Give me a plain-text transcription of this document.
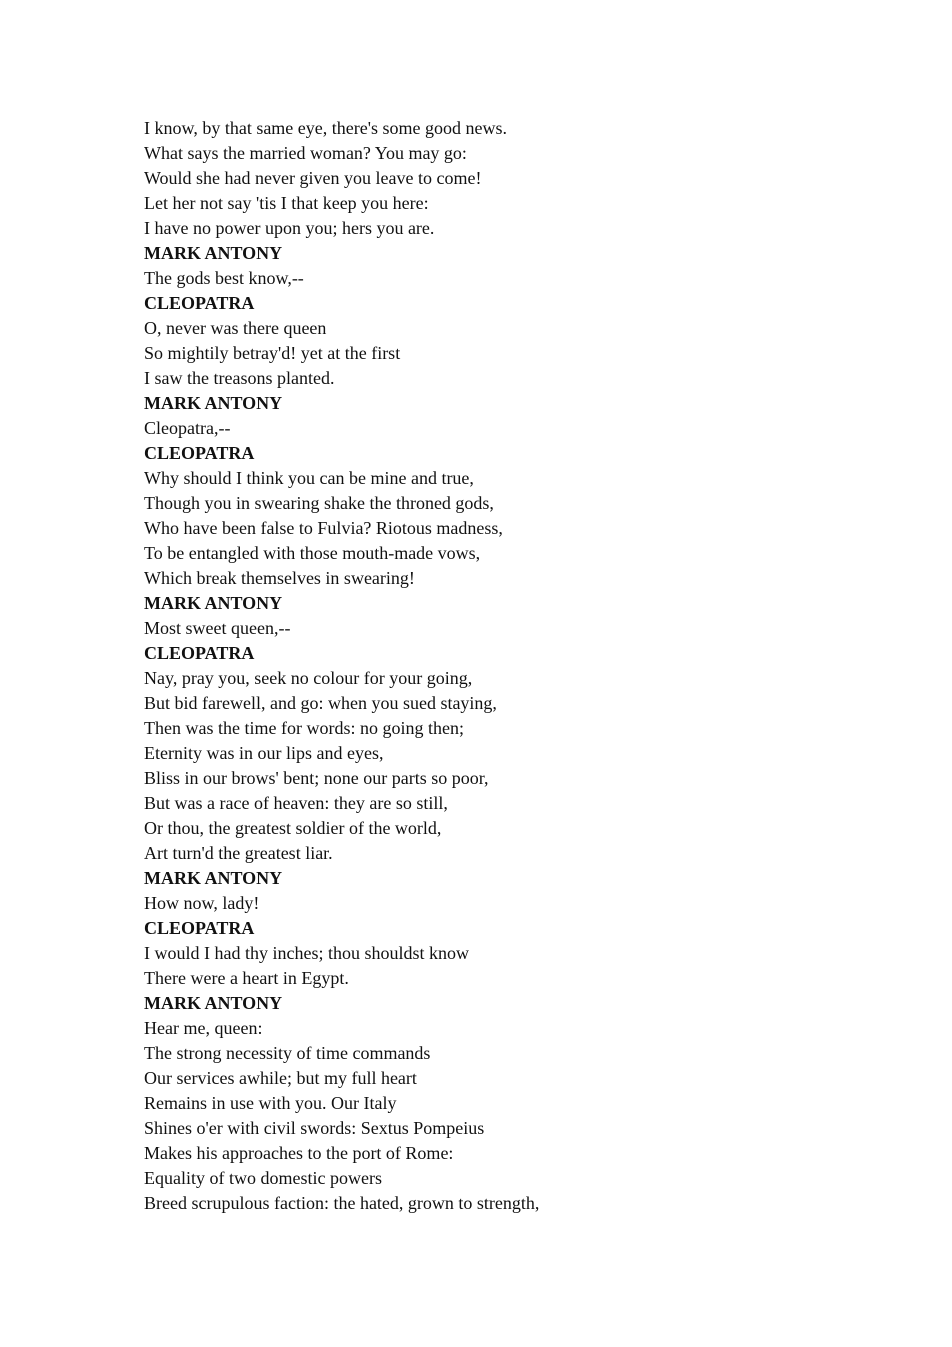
I know, by that same eye, there's some good news.
What says the married woman? You may go:
Would she had never given you leave to come!
Let her not say 'tis I that keep you here:
I have no power upon you; hers you are.
MARK ANTONY
The gods best know,--
CLEOPATRA
O, never was there queen
So mightily betray'd! yet at the first
I saw the treasons planted.
MARK ANTONY
Cleopatra,--
CLEOPATRA
Why should I think you can be mine and true,
Though you in swearing shake the throned gods,
Who have been false to Fulvia? Riotous madness,
To be entangled with those mouth-made vows,
Which break themselves in swearing!
MARK ANTONY
Most sweet queen,--
CLEOPATRA
Nay, pray you, seek no colour for your going,
But bid farewell, and go: when you sued staying,
Then was the time for words: no going then;
Eternity was in our lips and eyes,
Bliss in our brows' bent; none our parts so poor,
But was a race of heaven: they are so still,
Or thou, the greatest soldier of the world,
Art turn'd the greatest liar.
MARK ANTONY
How now, lady!
CLEOPATRA
I would I had thy inches; thou shouldst know
There were a heart in Egypt.
MARK ANTONY
Hear me, queen:
The strong necessity of time commands
Our services awhile; but my full heart
Remains in use with you. Our Italy
Shines o'er with civil swords: Sextus Pompeius
Makes his approaches to the port of Rome:
Equality of two domestic powers
Breed scrupulous faction: the hated, grown to strength,
